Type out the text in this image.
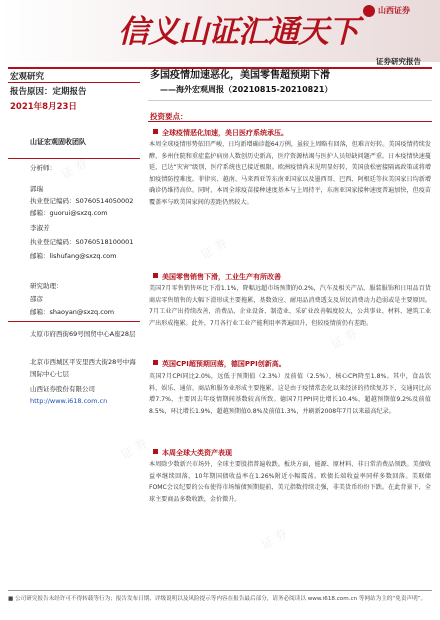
信义山证汇通天下
山西证券
证券研究报告
宏观研究
报告原因：定期报告
2021年8月23日
多国疫情加速恶化，美国零售超预期下滑
——海外宏观周报（20210815-20210821）
山证宏观固收团队
分析师：
郭瑞
执业登记编码：S0760514050002
邮箱：guorui@sxzq.com
李淑芳
执业登记编码：S0760518100001
邮箱：lishufang@sxzq.com
研究助理：
邵彦
邮箱：shaoyan@sxzq.com
太原市府西街69号国贸中心A座28层
北京市西城区平安里西大街28号中海国际中心七层
山西证券股份有限公司
http://www.i618.com.cn
投资要点：
全球疫情恶化加速，美日医疗系统承压。
本周全球疫情形势依旧严峻，日均新增确诊超64万例，虽较上周略有回落，但难言好转。美国疫情持续发酵，多州住院和重症监护病房人数创历史新高，医疗资源枯竭与医护人员短缺问题严重。日本疫情快速蔓延，已达“灾害”级别，医疗系统也已接近极限。欧洲疫情尚未见明显好转，美国放松密接隔离政策或将增加疫情防控难度。菲律宾、越南、马来西亚等东南亚国家以及墨西哥、巴西、阿根廷等拉美国家日均新增确诊仍维持高位。同时，本周全球疫苗接种速度基本与上周持平，东南亚国家接种速度普遍加快，但疫苗覆盖率与欧美国家间的差距仍然较大。
美国零售销售下滑，工业生产有所改善
美国7月零售销售环比下滑1.1%，降幅远超市场预期的0.2%，汽车及相关产品、服装服饰和日用品百货商店零售销售的大幅下滑形成主要拖累，基数效应、耐用品消费透支及居民消费动力趋弱或是主要原因。7月工业产出持续改善，消费品、企业设备、制造业、采矿业改善幅度较大，公共事业、材料、建筑工业产出形成拖累。此外，7月各行业工业产能利用率普遍回升，但较疫情前仍有差距。
英国CPI超预期回落，德国PPI创新高。
英国7月CPI同比2.0%，远低于预期值（2.3%）及前值（2.5%），核心CPI降至1.8%。其中，食品饮料、娱乐、通信、商品和服务业形成主要拖累。这是由于疫情常态化以来经济的持续复苏下，交通同比高增7.7%，主要因去年疫情期间基数较高所致。德国7月PPI同比增长10.4%，超越预期值9.2%及前值8.5%，环比增长1.9%，超越预期值0.8%及前值1.3%，并刷新2008年7月以来最高纪录。
本周全球大类资产表现
本周除少数新兴市场外，全球主要股指普遍收跌。板块方面，能源、原材料、非日常消费品领跌。美债收益率继续回落，10年期国债收益率在1.26%附近小幅震荡。欧债长端收益率同样多数回落。美联储FOMC会议纪要的公布使得市场缩债预期提前，美元指数持续走强，非美货币纷纷下跌。在此背景下，全球主要商品多数收跌，金价微升。
证 券
证 券
证 券
证 券
证 券
■ 公司研究报告未经许可不得转载等行为；报告发布日期、评级说明以及风险提示等内容在报告最后部分，请务必阅读以 www.i618.com.cn 等网站为主的“免责声明”。
